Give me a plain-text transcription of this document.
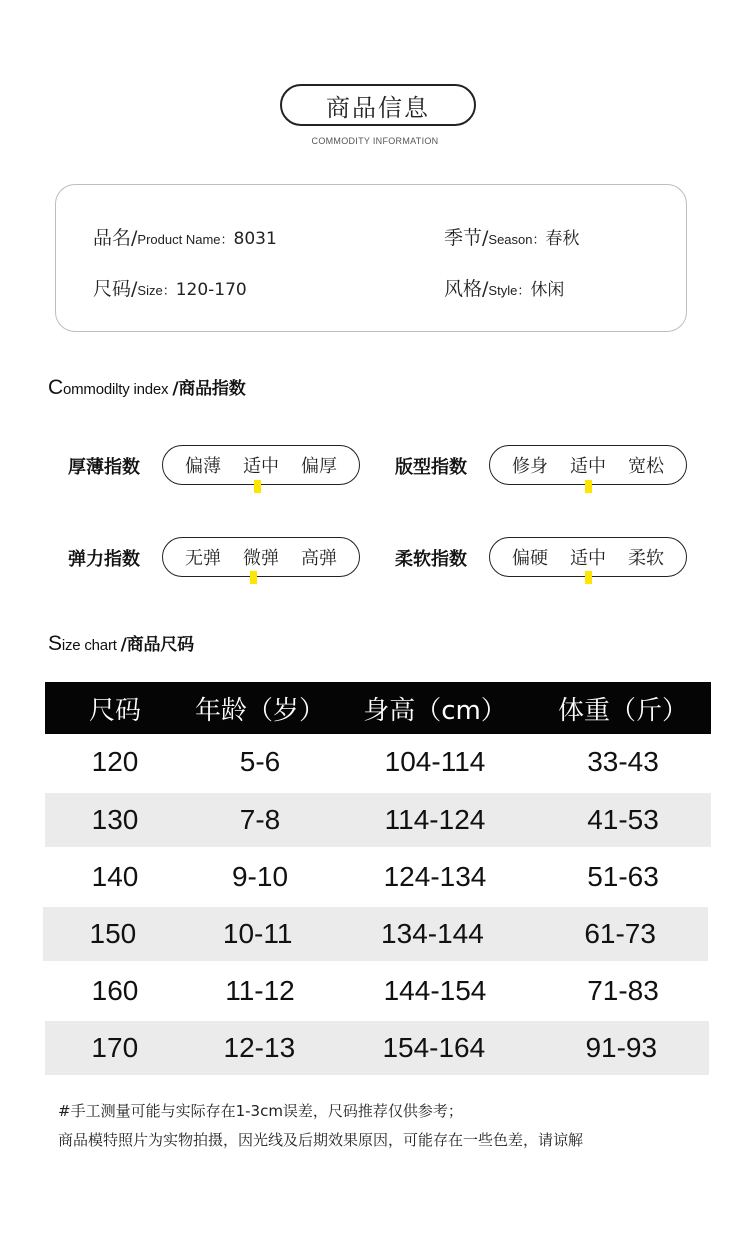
商品信息
COMMODITY INFORMATION
品名/Product Name：8031	季节/Season：春秋
尺码/Size：120-170	风格/Style：休闲
Commodilty index /商品指数
厚薄指数	偏薄 适中 偏厚	版型指数	修身 适中 宽松
弹力指数	无弹 微弹 高弹	柔软指数	偏硬 适中 柔软
Size chart /商品尺码
尺码	年龄（岁）	身高（cm）	体重（斤）
120	5-6	104-114	33-43
130	7-8	114-124	41-53
140	9-10	124-134	51-63
150	10-11	134-144	61-73
160	11-12	144-154	71-83
170	12-13	154-164	91-93
#手工测量可能与实际存在1-3cm误差，尺码推荐仅供参考；
商品模特照片为实物拍摄，因光线及后期效果原因，可能存在一些色差，请谅解
